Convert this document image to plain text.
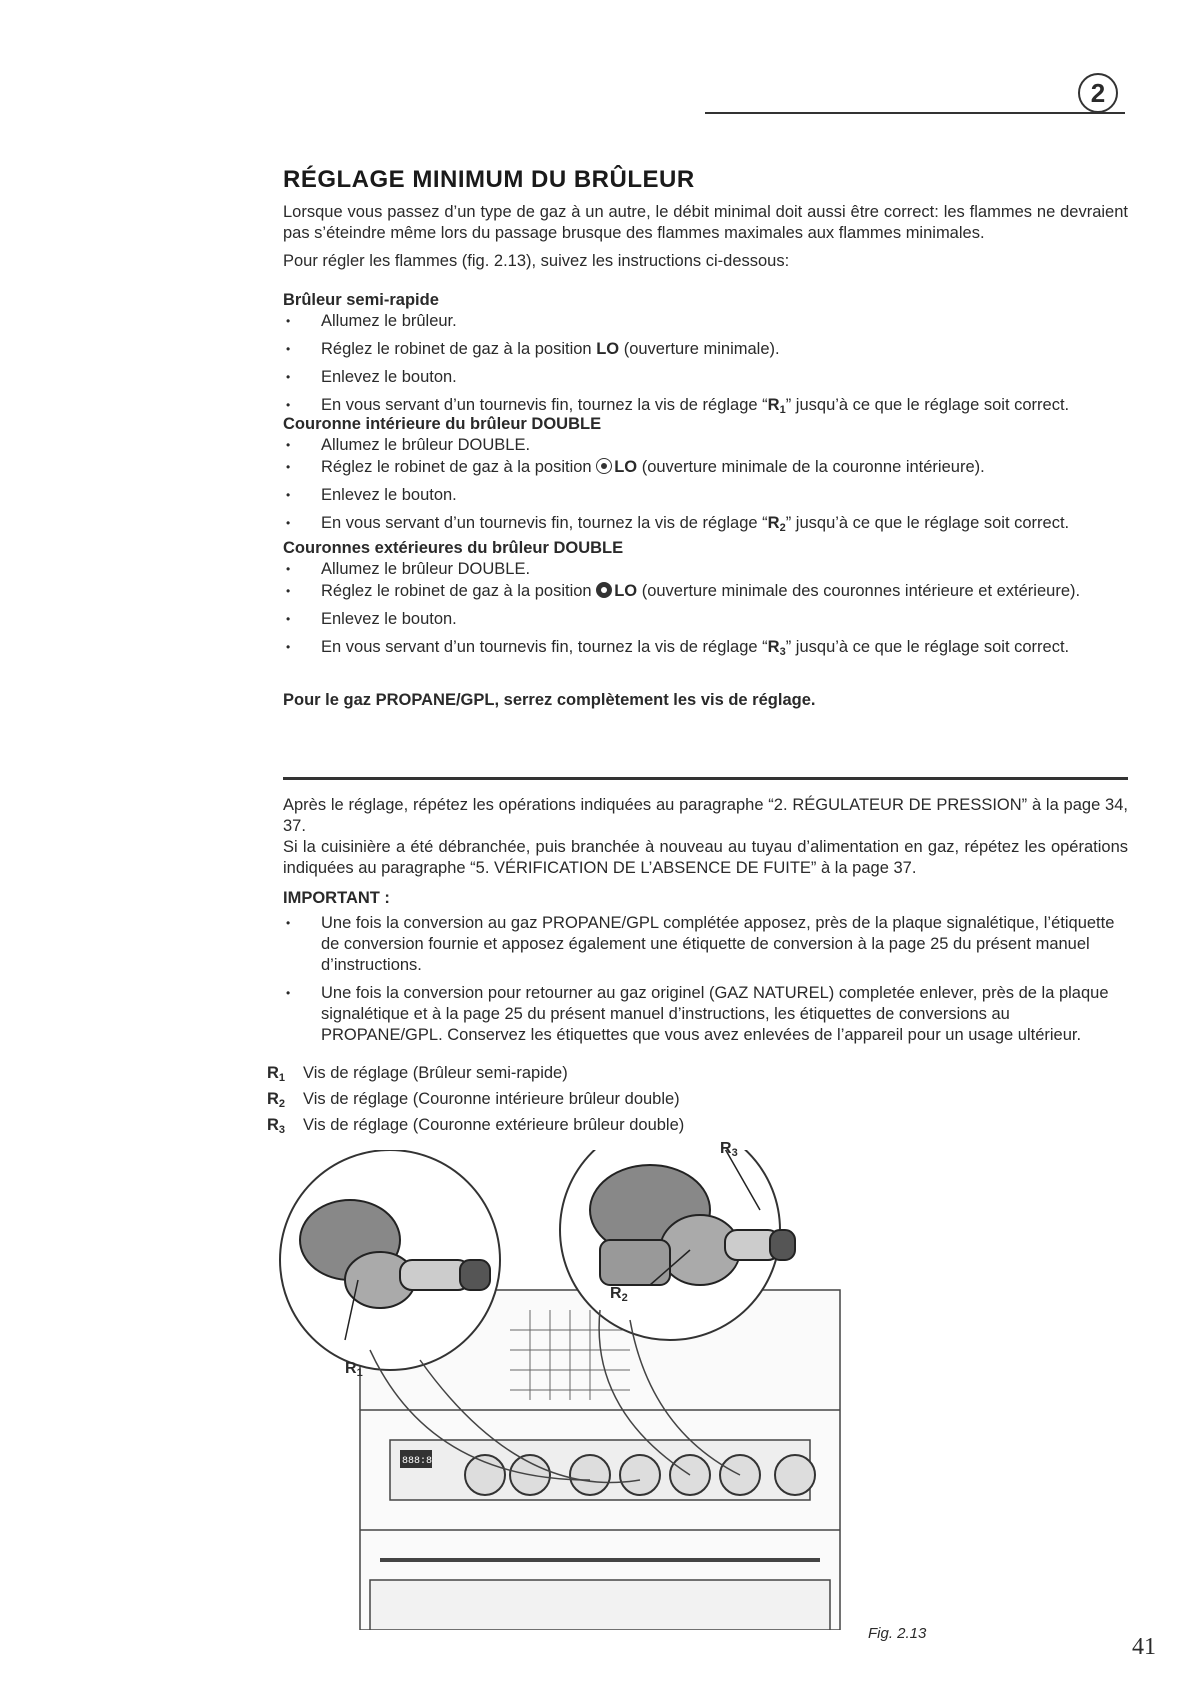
2
RÉGLAGE MINIMUM DU BRÛLEUR

Lorsque vous passez d’un type de gaz à un autre, le débit minimal doit aussi être correct: les flammes ne devraient pas s’éteindre même lors du passage brusque des flammes maximales aux flammes minimales.

Pour régler les flammes (fig. 2.13), suivez les instructions ci-dessous:

Brûleur semi-rapide

• Allumez le brûleur.
• Réglez le robinet de gaz à la position LO (ouverture minimale).
• Enlevez le bouton.
• En vous servant d’un tournevis fin, tournez la vis de réglage “$R_1$” jusqu’à ce que le réglage soit correct.

Couronne intérieure du brûleur DOUBLE

• Allumez le brûleur DOUBLE.
• Réglez le robinet de gaz à la position LO (ouverture minimale de la couronne intérieure).
• Enlevez le bouton.
• En vous servant d’un tournevis fin, tournez la vis de réglage “$R_2$” jusqu’à ce que le réglage soit correct.

Couronnes extérieures du brûleur DOUBLE

• Allumez le brûleur DOUBLE.
• Réglez le robinet de gaz à la position LO (ouverture minimale des couronnes intérieure et extérieure).
• Enlevez le bouton.
• En vous servant d’un tournevis fin, tournez la vis de réglage “$R_3$” jusqu’à ce que le réglage soit correct.

Pour le gaz PROPANE/GPL, serrez complètement les vis de réglage.

Après le réglage, répétez les opérations indiquées au paragraphe “2. RÉGULATEUR DE PRESSION” à la page 34, 37.

Si la cuisinière a été débranchée, puis branchée à nouveau au tuyau d’alimentation en gaz, répétez les opérations indiquées au paragraphe “5. VÉRIFICATION DE L’ABSENCE DE FUITE” à la page 37.

IMPORTANT :

• Une fois la conversion au gaz PROPANE/GPL complétée apposez, près de la plaque signalétique, l’étiquette de conversion fournie et apposez également une étiquette de conversion à la page 25 du présent manuel d’instructions.
• Une fois la conversion pour retourner au gaz originel (GAZ NATUREL) completée enlever, près de la plaque signalétique et à la page 25 du présent manuel d’instructions, les étiquettes de conversions au PROPANE/GPL. Conservez les étiquettes que vous avez enlevées de l’appareil pour un usage ultérieur.
$R_1$ Vis de réglage (Brûleur semi-rapide)
$R_2$ Vis de réglage (Couronne intérieure brûleur double)
$R_3$ Vis de réglage (Couronne extérieure brûleur double)
888:8
$R_1$
$R_2$
$R_3$
Fig. 2.13
41
